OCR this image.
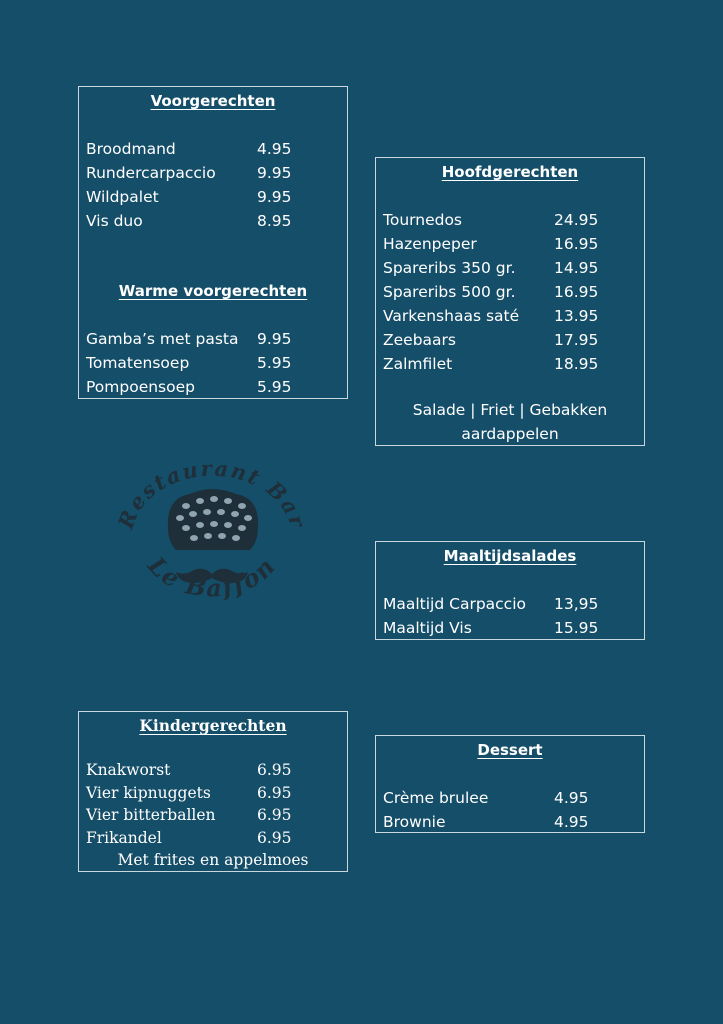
Voorgerechten
Broodmand	4.95
Rundercarpaccio	9.95
Wildpalet	9.95
Vis duo	8.95
Warme voorgerechten
Gamba’s met pasta	9.95
Tomatensoep	5.95
Pompoensoep	5.95
Hoofdgerechten
Tournedos	24.95
Hazenpeper	16.95
Spareribs 350 gr.	14.95
Spareribs 500 gr.	16.95
Varkenshaas saté	13.95
Zeebaars	17.95
Zalmfilet	18.95
Salade | Friet | Gebakken
aardappelen
Restaurant Bar
Le Baffon	Maaltijdsalades
Maaltijd Carpaccio	13,95
Maaltijd Vis	15.95
Kindergerechten
Knakworst	6.95
Vier kipnuggets	6.95
Vier bitterballen	6.95
Frikandel	6.95
Met frites en appelmoes
Dessert
Crème brulee	4.95
Brownie	4.95
